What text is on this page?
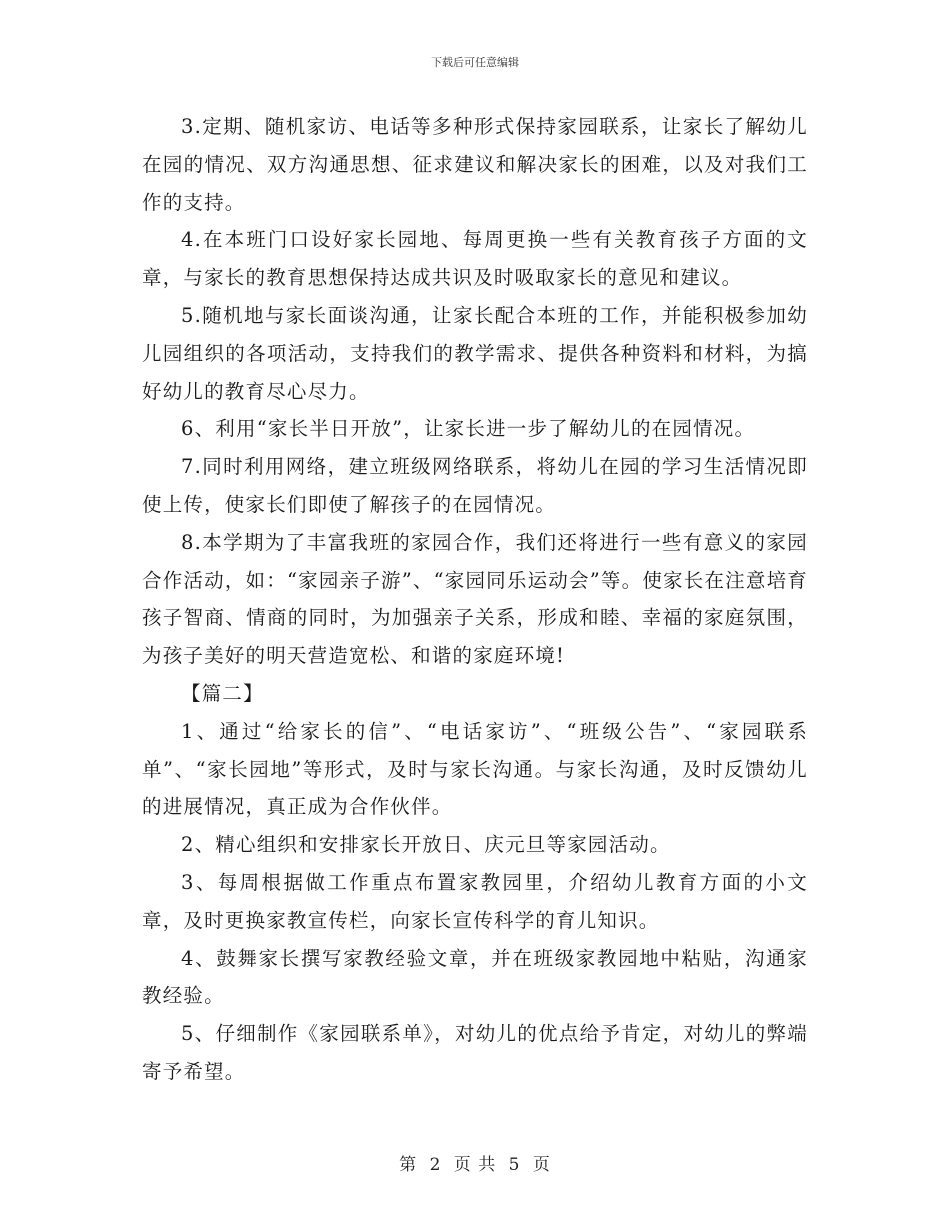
下载后可任意编辑

3.定期、随机家访、电话等多种形式保持家园联系，让家长了解幼儿在园的情况、双方沟通思想、征求建议和解决家长的困难，以及对我们工作的支持。

4.在本班门口设好家长园地、每周更换一些有关教育孩子方面的文章，与家长的教育思想保持达成共识及时吸取家长的意见和建议。

5.随机地与家长面谈沟通，让家长配合本班的工作，并能积极参加幼儿园组织的各项活动，支持我们的教学需求、提供各种资料和材料，为搞好幼儿的教育尽心尽力。

6、利用“家长半日开放”，让家长进一步了解幼儿的在园情况。

7.同时利用网络，建立班级网络联系，将幼儿在园的学习生活情况即使上传，使家长们即使了解孩子的在园情况。

8.本学期为了丰富我班的家园合作，我们还将进行一些有意义的家园合作活动，如：“家园亲子游”、“家园同乐运动会”等。使家长在注意培育孩子智商、情商的同时，为加强亲子关系，形成和睦、幸福的家庭氛围，为孩子美好的明天营造宽松、和谐的家庭环境!

【篇二】

1、通过“给家长的信”、“电话家访”、“班级公告”、“家园联系单”、“家长园地”等形式，及时与家长沟通。与家长沟通，及时反馈幼儿的进展情况，真正成为合作伙伴。

2、精心组织和安排家长开放日、庆元旦等家园活动。

3、每周根据做工作重点布置家教园里，介绍幼儿教育方面的小文章，及时更换家教宣传栏，向家长宣传科学的育儿知识。

4、鼓舞家长撰写家教经验文章，并在班级家教园地中粘贴，沟通家教经验。

5、仔细制作《家园联系单》，对幼儿的优点给予肯定，对幼儿的弊端寄予希望。

第 2 页 共 5 页
